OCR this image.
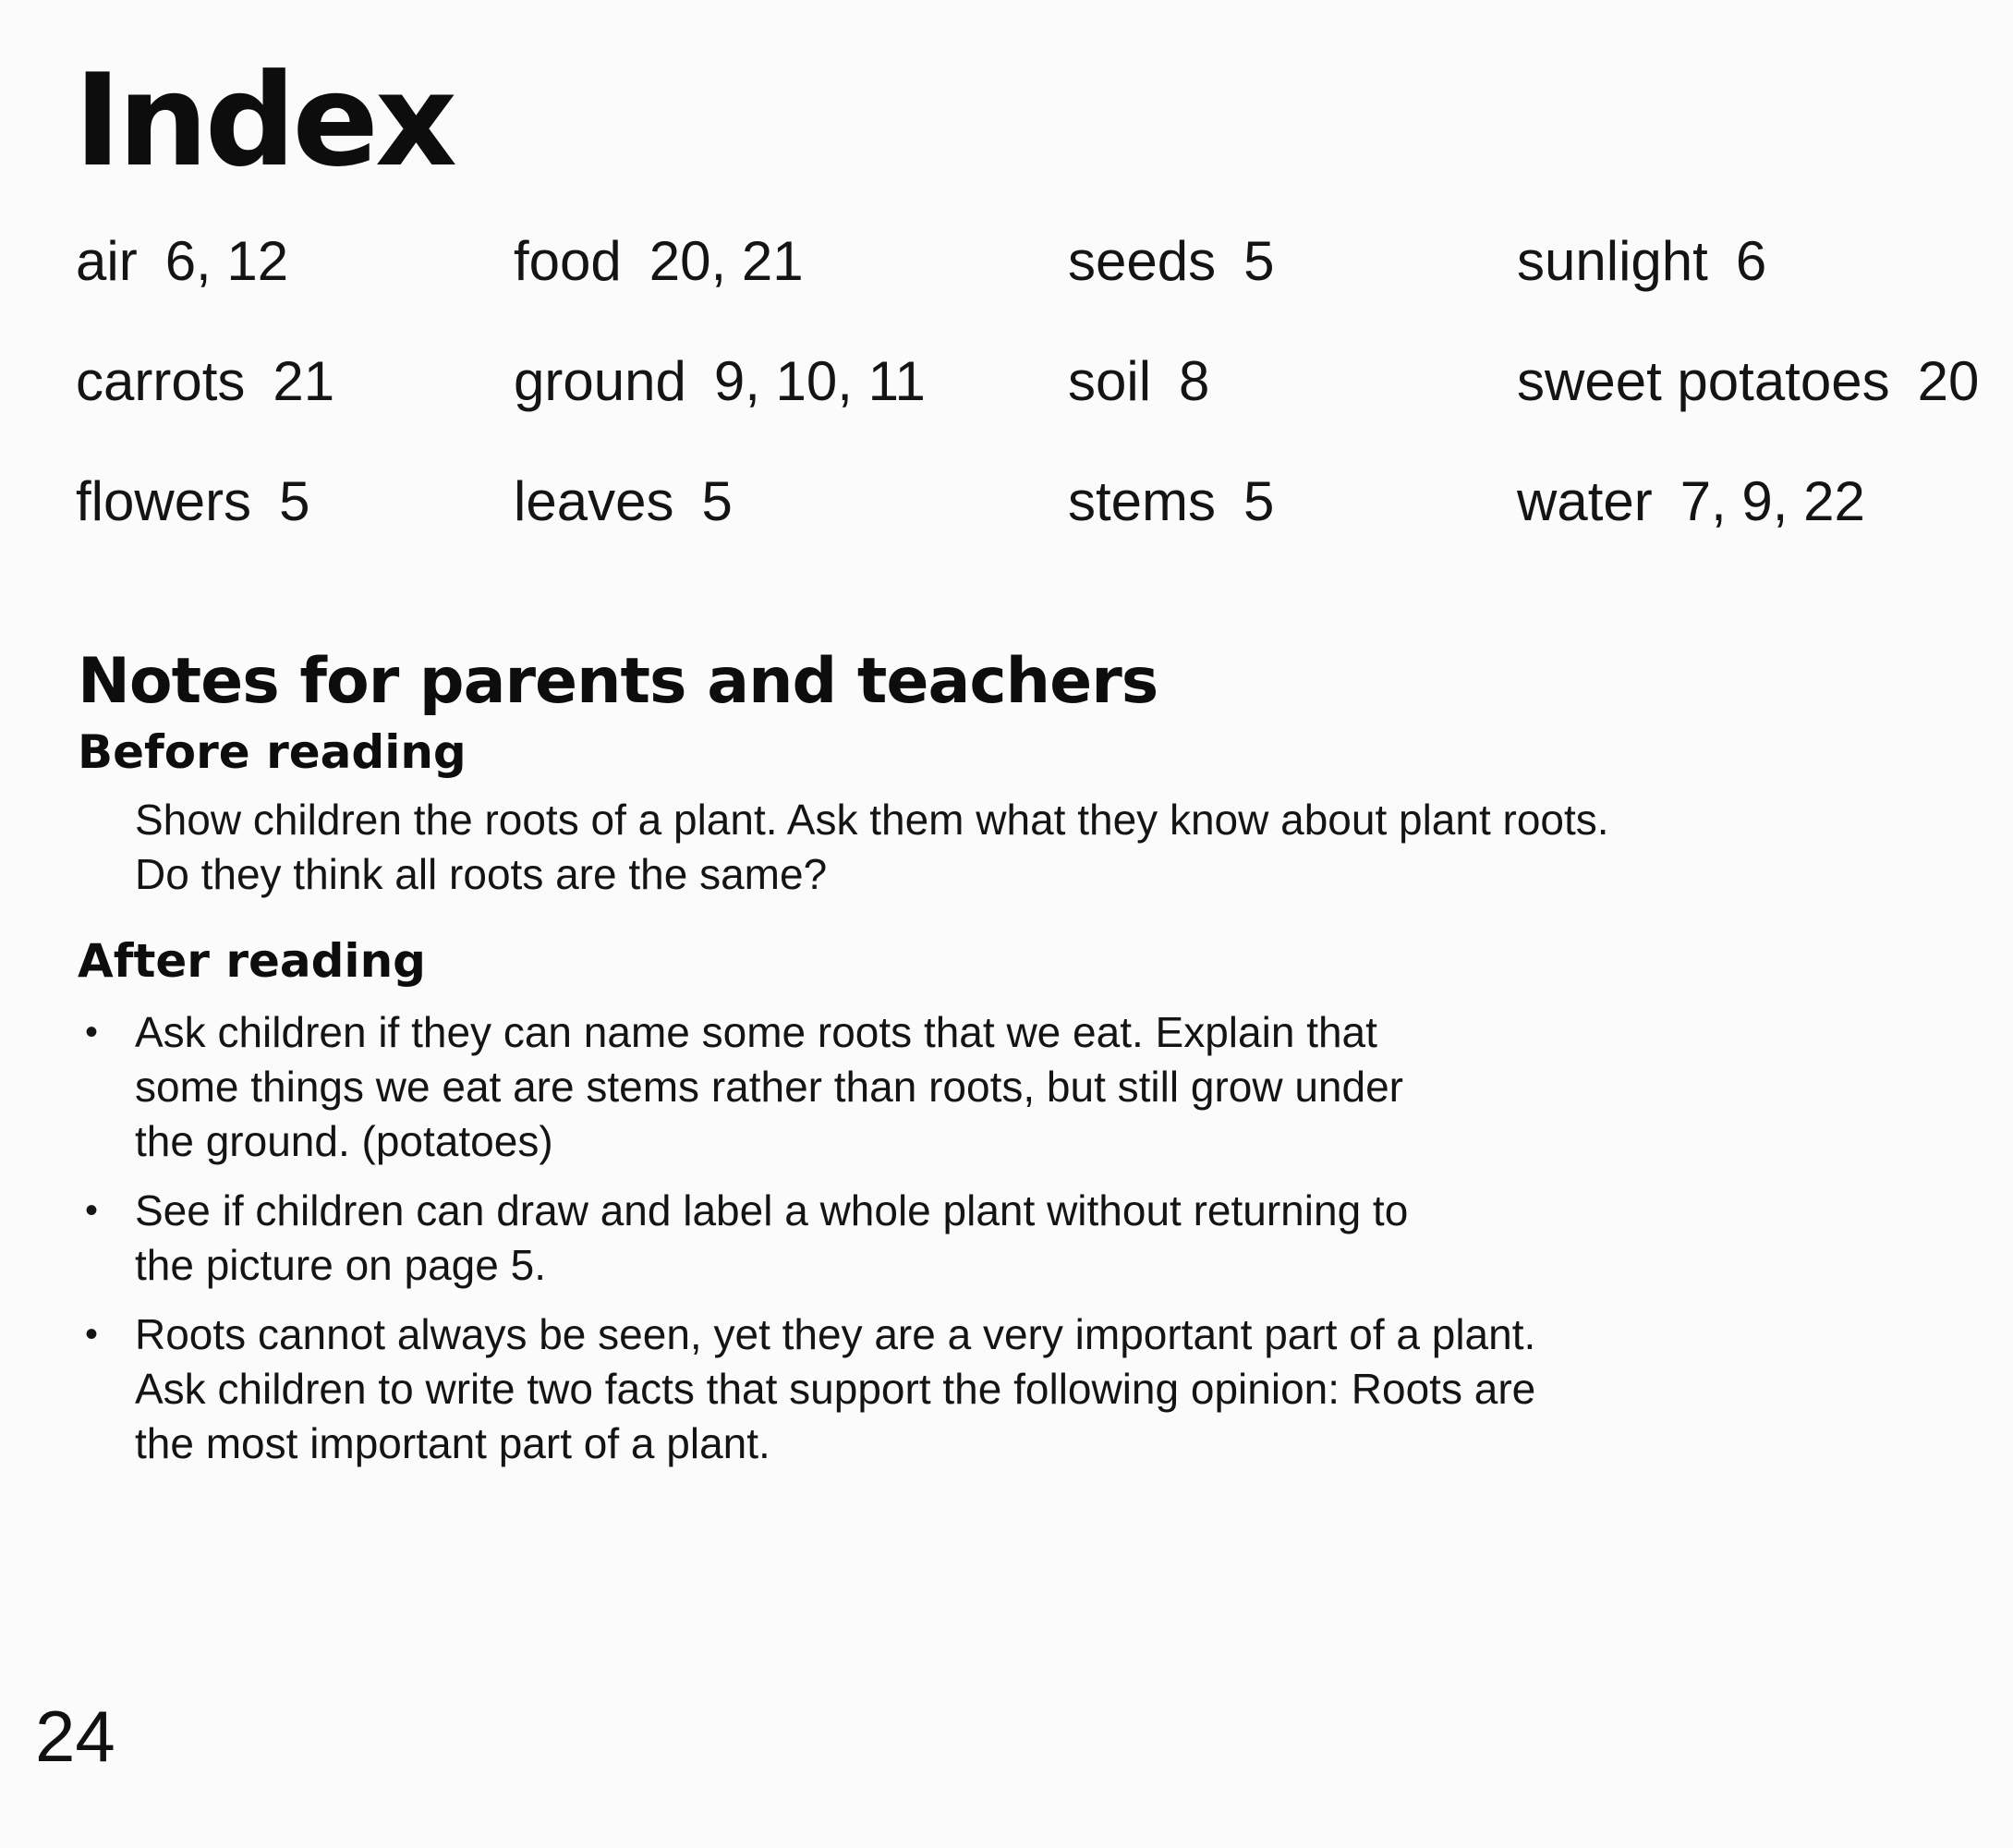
Index
air 6, 12	food 20, 21	seeds 5	sunlight 6
carrots 21	ground 9, 10, 11	soil 8	sweet potatoes 20
flowers 5	leaves 5	stems 5	water 7, 9, 22
Notes for parents and teachers
Before reading
Show children the roots of a plant. Ask them what they know about plant roots.
Do they think all roots are the same?
After reading
• Ask children if they can name some roots that we eat. Explain that
some things we eat are stems rather than roots, but still grow under
the ground. (potatoes)
• See if children can draw and label a whole plant without returning to
the picture on page 5.
• Roots cannot always be seen, yet they are a very important part of a plant.
Ask children to write two facts that support the following opinion: Roots are
the most important part of a plant.
24
